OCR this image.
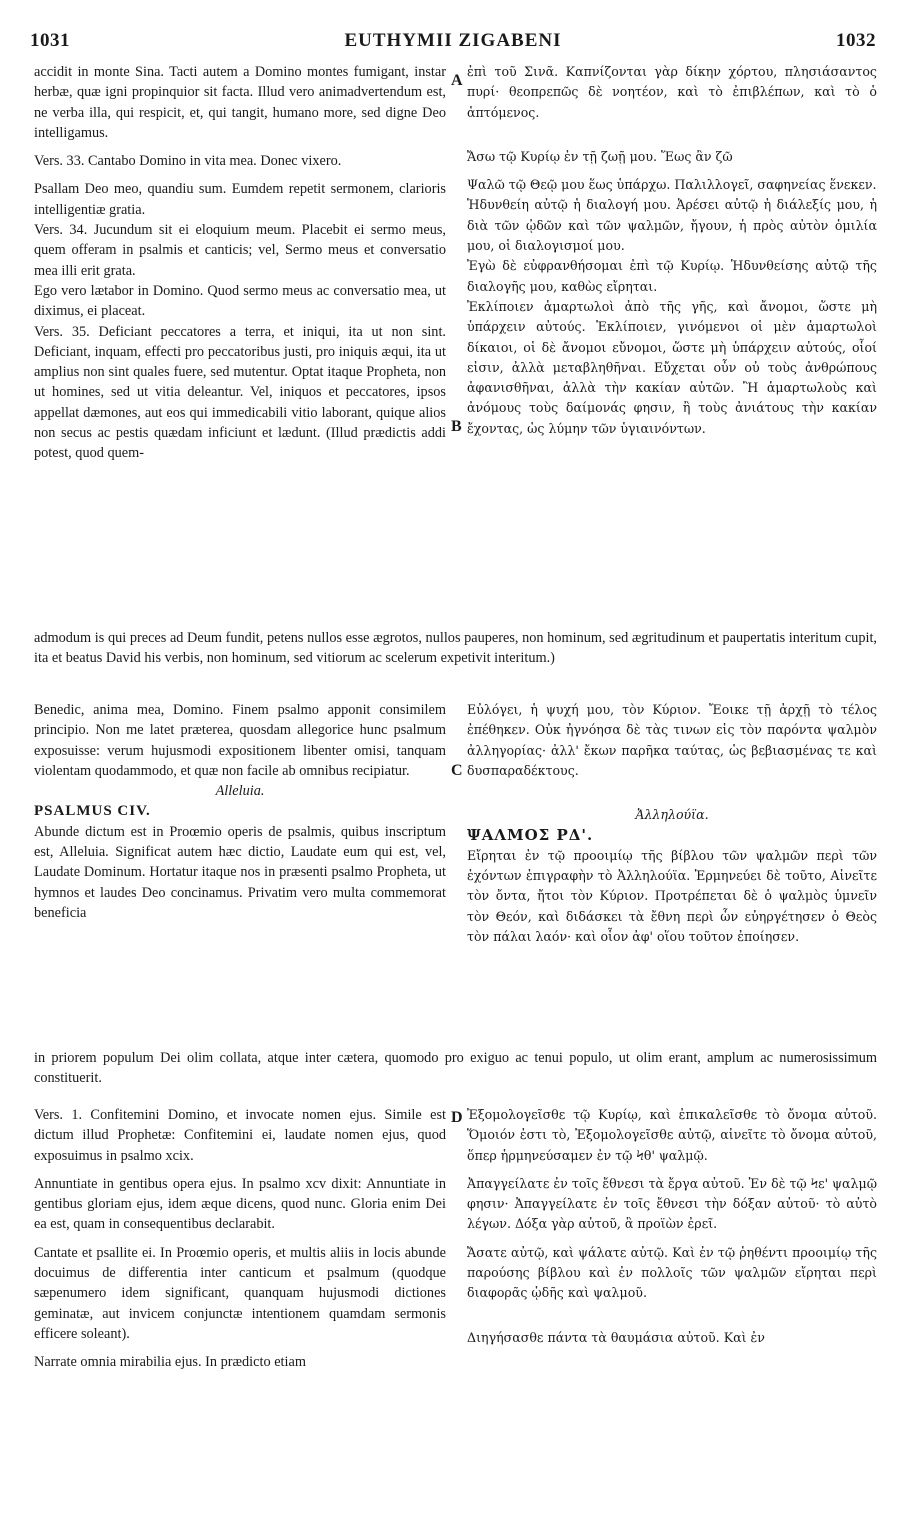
1031	EUTHYMII ZIGABENI	1032
A
B
C
D

accidit in monte Sina. Tacti autem a Domino montes fumigant, instar herbæ, quæ igni propinquior sit facta. Illud vero animadvertendum est, ne verba illa, qui respicit, et, qui tangit, humano more, sed digne Deo intelligamus.

Vers. 33. Cantabo Domino in vita mea. Donec vixero.

Psallam Deo meo, quandiu sum. Eumdem repetit sermonem, clarioris intelligentiæ gratia.

Vers. 34. Jucundum sit ei eloquium meum. Placebit ei sermo meus, quem offeram in psalmis et canticis; vel, Sermo meus et conversatio mea illi erit grata.

Ego vero lætabor in Domino. Quod sermo meus ac conversatio mea, ut diximus, ei placeat.

Vers. 35. Deficiant peccatores a terra, et iniqui, ita ut non sint. Deficiant, inquam, effecti pro peccatoribus justi, pro iniquis æqui, ita ut amplius non sint quales fuere, sed mutentur. Optat itaque Propheta, non ut homines, sed ut vitia deleantur. Vel, iniquos et peccatores, ipsos appellat dæmones, aut eos qui immedicabili vitio laborant, quique alios non secus ac pestis quædam inficiunt et lædunt. (Illud prædictis addi potest, quod quem-

ἐπὶ τοῦ Σινᾶ. Καπνίζονται γὰρ δίκην χόρτου, πλησιάσαντος πυρί· θεοπρεπῶς δὲ νοητέον, καὶ τὸ ἐπιβλέπων, καὶ τὸ ὁ ἁπτόμενος.

Ἄσω τῷ Κυρίῳ ἐν τῇ ζωῇ μου. Ἕως ἂν ζῶ

Ψαλῶ τῷ Θεῷ μου ἕως ὑπάρχω. Παλιλλογεῖ, σαφηνείας ἕνεκεν.

Ἡδυνθείη αὐτῷ ἡ διαλογή μου. Ἀρέσει αὐτῷ ἡ διάλεξίς μου, ἡ διὰ τῶν ᾠδῶν καὶ τῶν ψαλμῶν, ἤγουν, ἡ πρὸς αὐτὸν ὁμιλία μου, οἱ διαλογισμοί μου.

Ἐγὼ δὲ εὐφρανθήσομαι ἐπὶ τῷ Κυρίῳ. Ἡδυνθείσης αὐτῷ τῆς διαλογῆς μου, καθὼς εἴρηται.

Ἐκλίποιεν ἁμαρτωλοὶ ἀπὸ τῆς γῆς, καὶ ἄνομοι, ὥστε μὴ ὑπάρχειν αὐτούς. Ἐκλίποιεν, γινόμενοι οἱ μὲν ἁμαρτωλοὶ δίκαιοι, οἱ δὲ ἄνομοι εὔνομοι, ὥστε μὴ ὑπάρχειν αὐτούς, οἷοί εἰσιν, ἀλλὰ μεταβληθῆναι. Εὔχεται οὖν οὐ τοὺς ἀνθρώπους ἀφανισθῆναι, ἀλλὰ τὴν κακίαν αὐτῶν. Ἢ ἁμαρτωλοὺς καὶ ἀνόμους τοὺς δαίμονάς φησιν, ἢ τοὺς ἀνιάτους τὴν κακίαν ἔχοντας, ὡς λύμην τῶν ὑγιαινόντων.

admodum is qui preces ad Deum fundit, petens nullos esse ægrotos, nullos pauperes, non hominum, sed ægritudinum et paupertatis interitum cupit, ita et beatus David his verbis, non hominum, sed vitiorum ac scelerum expetivit interitum.)

Benedic, anima mea, Domino. Finem psalmo apponit consimilem principio. Non me latet præterea, quosdam allegorice hunc psalmum exposuisse: verum hujusmodi expositionem libenter omisi, tanquam violentam quodammodo, et quæ non facile ab omnibus recipiatur.

Alleluia.

PSALMUS CIV.

Abunde dictum est in Proœmio operis de psalmis, quibus inscriptum est, Alleluia. Significat autem hæc dictio, Laudate eum qui est, vel, Laudate Dominum. Hortatur itaque nos in præsenti psalmo Propheta, ut hymnos et laudes Deo concinamus. Privatim vero multa commemorat beneficia

Εὐλόγει, ἡ ψυχή μου, τὸν Κύριον. Ἔοικε τῇ ἀρχῇ τὸ τέλος ἐπέθηκεν. Οὐκ ἠγνόησα δὲ τὰς τινων εἰς τὸν παρόντα ψαλμὸν ἀλληγορίας· ἀλλ' ἔκων παρῆκα ταύτας, ὡς βεβιασμένας τε καὶ δυσπαραδέκτους.

Ἀλληλούϊα.

ΨΑΛΜΟΣ ΡΔ'.

Εἴρηται ἐν τῷ προοιμίῳ τῆς βίβλου τῶν ψαλμῶν περὶ τῶν ἐχόντων ἐπιγραφὴν τὸ Ἀλληλούϊα. Ἑρμηνεύει δὲ τοῦτο, Αἰνεῖτε τὸν ὄντα, ἤτοι τὸν Κύριον. Προτρέπεται δὲ ὁ ψαλμὸς ὑμνεῖν τὸν Θεόν, καὶ διδάσκει τὰ ἔθνη περὶ ὧν εὐηργέτησεν ὁ Θεὸς τὸν πάλαι λαόν· καὶ οἷον ἀφ' οἵου τοῦτον ἐποίησεν.

in priorem populum Dei olim collata, atque inter cætera, quomodo pro exiguo ac tenui populo, ut olim erant, amplum ac numerosissimum constituerit.

Vers. 1. Confitemini Domino, et invocate nomen ejus. Simile est dictum illud Prophetæ: Confitemini ei, laudate nomen ejus, quod exposuimus in psalmo xcix.

Annuntiate in gentibus opera ejus. In psalmo xcv dixit: Annuntiate in gentibus gloriam ejus, idem æque dicens, quod nunc. Gloria enim Dei ea est, quam in consequentibus declarabit.

Cantate et psallite ei. In Proœmio operis, et multis aliis in locis abunde docuimus de differentia inter canticum et psalmum (quodque sæpenumero idem significant, quanquam hujusmodi dictiones geminatæ, aut invicem conjunctæ intentionem quamdam sermonis efficere soleant).

Narrate omnia mirabilia ejus. In prædicto etiam

Ἐξομολογεῖσθε τῷ Κυρίῳ, καὶ ἐπικαλεῖσθε τὸ ὄνομα αὐτοῦ. Ὅμοιόν ἐστι τὸ, Ἐξομολογεῖσθε αὐτῷ, αἰνεῖτε τὸ ὄνομα αὐτοῦ, ὅπερ ἡρμηνεύσαμεν ἐν τῷ Ϟθ' ψαλμῷ.

Ἀπαγγείλατε ἐν τοῖς ἔθνεσι τὰ ἔργα αὐτοῦ. Ἐν δὲ τῷ Ϟε' ψαλμῷ φησιν· Ἀπαγγείλατε ἐν τοῖς ἔθνεσι τὴν δόξαν αὐτοῦ· τὸ αὐτὸ λέγων. Δόξα γὰρ αὐτοῦ, ἃ προϊὼν ἐρεῖ.

Ἄσατε αὐτῷ, καὶ ψάλατε αὐτῷ. Καὶ ἐν τῷ ῥηθέντι προοιμίῳ τῆς παρούσης βίβλου καὶ ἐν πολλοῖς τῶν ψαλμῶν εἴρηται περὶ διαφορᾶς ᾠδῆς καὶ ψαλμοῦ.

Διηγήσασθε πάντα τὰ θαυμάσια αὐτοῦ. Καὶ ἐν
